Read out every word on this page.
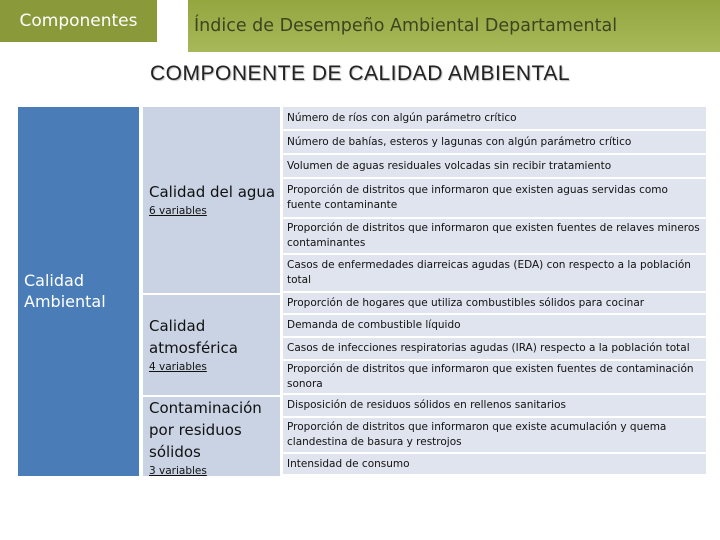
Componentes	Índice de Desempeño Ambiental Departamental
COMPONENTE DE CALIDAD AMBIENTAL
Calidad Ambiental
Calidad del agua
6 variables
Calidad atmosférica
4 variables
Contaminación por residuos sólidos
3 variables
Número de ríos con algún parámetro crítico
Número de bahías, esteros y lagunas con algún parámetro crítico
Volumen de aguas residuales volcadas sin recibir tratamiento
Proporción de distritos que informaron que existen aguas servidas como fuente contaminante
Proporción de distritos que informaron que existen fuentes de relaves mineros contaminantes
Casos de enfermedades diarreicas agudas (EDA) con respecto a la población total
Proporción de hogares que utiliza combustibles sólidos para cocinar
Demanda de combustible líquido
Casos de infecciones respiratorias agudas (IRA) respecto a la población total
Proporción de distritos que informaron que existen fuentes de contaminación sonora
Disposición de residuos sólidos en rellenos sanitarios
Proporción de distritos que informaron que existe acumulación y quema clandestina de basura y restrojos
Intensidad de consumo
